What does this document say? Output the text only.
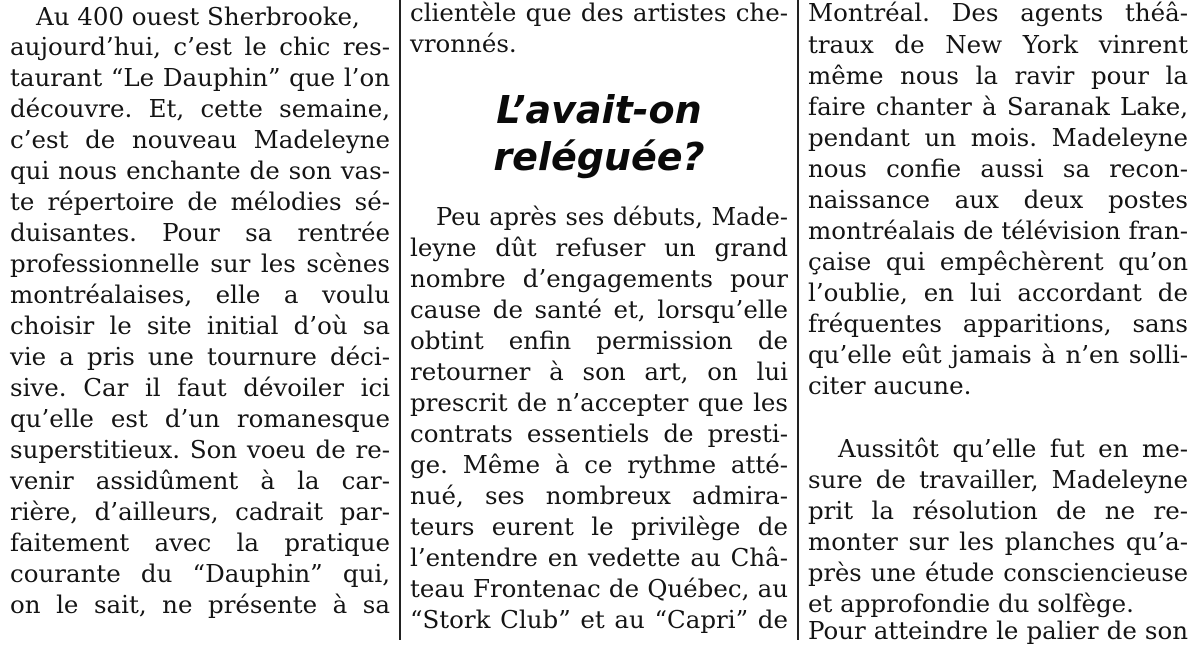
Au 400 ouest Sherbrooke,
aujourd’hui, c’est le chic res-
taurant “Le Dauphin” que l’on
découvre. Et, cette semaine,
c’est de nouveau Madeleyne
qui nous enchante de son vas-
te répertoire de mélodies sé-
duisantes. Pour sa rentrée
professionnelle sur les scènes
montréalaises, elle a voulu
choisir le site initial d’où sa
vie a pris une tournure déci-
sive. Car il faut dévoiler ici
qu’elle est d’un romanesque
superstitieux. Son voeu de re-
venir assidûment à la car-
rière, d’ailleurs, cadrait par-
faitement avec la pratique
courante du “Dauphin” qui,
on le sait, ne présente à sa
clientèle que des artistes che-
vronnés.
L’avait-on
reléguée?
Peu après ses débuts, Made-
leyne dût refuser un grand
nombre d’engagements pour
cause de santé et, lorsqu’elle
obtint enfin permission de
retourner à son art, on lui
prescrit de n’accepter que les
contrats essentiels de presti-
ge. Même à ce rythme atté-
nué, ses nombreux admira-
teurs eurent le privilège de
l’entendre en vedette au Châ-
teau Frontenac de Québec, au
“Stork Club” et au “Capri” de
Montréal. Des agents théâ-
traux de New York vinrent
même nous la ravir pour la
faire chanter à Saranak Lake,
pendant un mois. Madeleyne
nous confie aussi sa recon-
naissance aux deux postes
montréalais de télévision fran-
çaise qui empêchèrent qu’on
l’oublie, en lui accordant de
fréquentes apparitions, sans
qu’elle eût jamais à n’en solli-
citer aucune.
Aussitôt qu’elle fut en me-
sure de travailler, Madeleyne
prit la résolution de ne re-
monter sur les planches qu’a-
près une étude consciencieuse
et approfondie du solfège.
Pour atteindre le palier de son
